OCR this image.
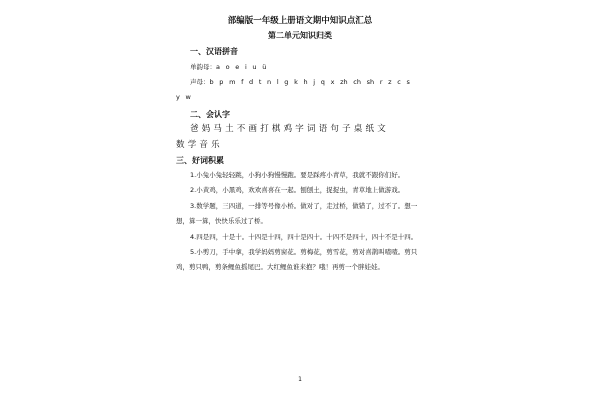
部编版一年级上册语文期中知识点汇总
第二单元知识归类
一、汉语拼音
单韵母：a o e i u ü
声母：b p m f d t n l g k h j q x zh ch sh r z c s
y w
二、会认字
爸妈马土不画打棋鸡字词语句子桌纸文
数学音乐
三、好词积累
1.小兔小兔轻轻跳，小狗小狗慢慢跑。要是踩疼小青草，我就不跟你们好。
2.小黄鸡，小黑鸡，欢欢喜喜在一起。刨刨土，捉捉虫，青草地上做游戏。
3.数学题，三四道，一排等号像小桥。做对了，走过桥，做错了，过不了。想一
想，算一算，快快乐乐过了桥。
4.四是四，十是十。十四是十四，四十是四十。十四不是四十，四十不是十四。
5.小剪刀，手中拿，我学妈妈剪窗花。剪梅花，剪雪花，剪对喜鹊叫喳喳。剪只
鸡，剪只鸭，剪条鲤鱼摇尾巴。大红鲤鱼谁来抱？哦！再剪一个胖娃娃。
1
